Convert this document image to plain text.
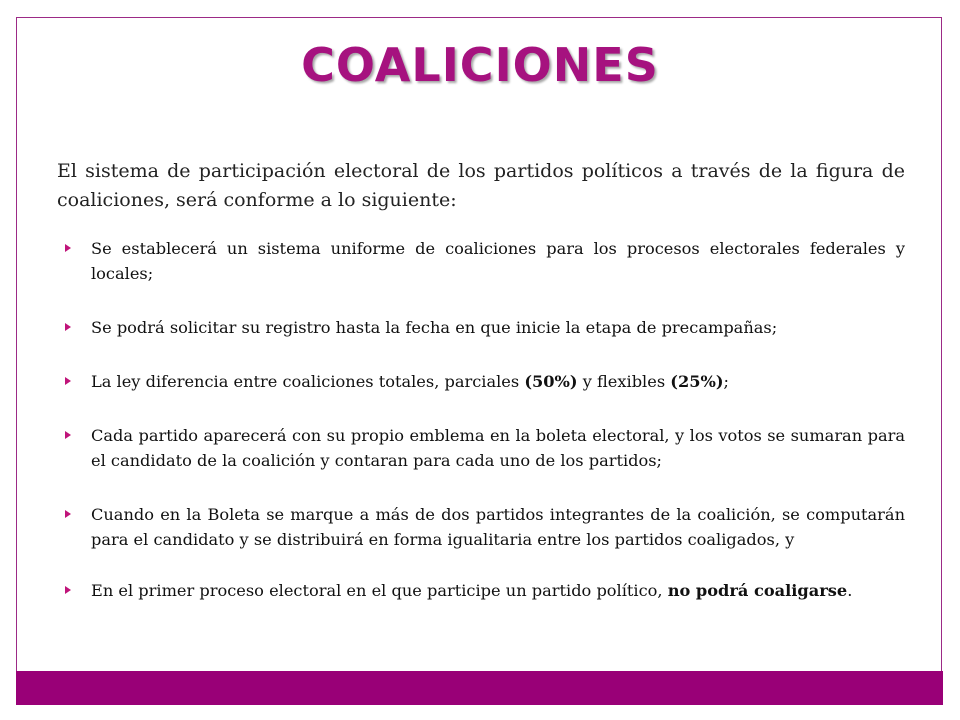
COALICIONES

El sistema de participación electoral de los partidos políticos a través de la figura de coaliciones, será conforme a lo siguiente:

Se establecerá un sistema uniforme de coaliciones para los procesos electorales federales y locales;
Se podrá solicitar su registro hasta la fecha en que inicie la etapa de precampañas;
La ley diferencia entre coaliciones totales, parciales (50%) y flexibles (25%);
Cada partido aparecerá con su propio emblema en la boleta electoral, y los votos se sumaran para el candidato de la coalición y contaran para cada uno de los partidos;
Cuando en la Boleta se marque a más de dos partidos integrantes de la coalición, se computarán para el candidato y se distribuirá en forma igualitaria entre los partidos coaligados, y
En el primer proceso electoral en el que participe un partido político, no podrá coaligarse.
